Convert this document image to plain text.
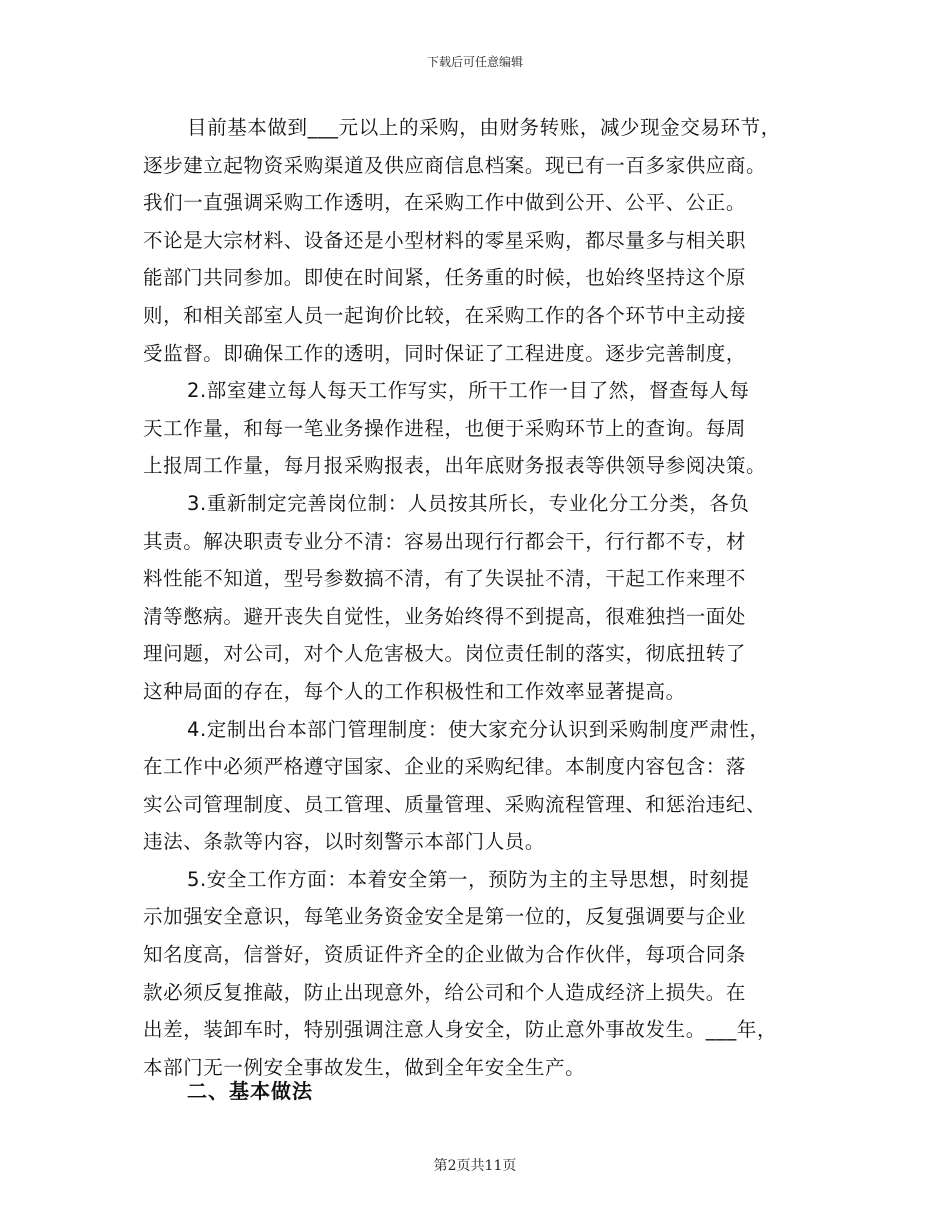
下载后可任意编辑
目前基本做到___元以上的采购，由财务转账，减少现金交易环节，
逐步建立起物资采购渠道及供应商信息档案。现已有一百多家供应商。
我们一直强调采购工作透明，在采购工作中做到公开、公平、公正。
不论是大宗材料、设备还是小型材料的零星采购，都尽量多与相关职
能部门共同参加。即使在时间紧，任务重的时候，也始终坚持这个原
则，和相关部室人员一起询价比较，在采购工作的各个环节中主动接
受监督。即确保工作的透明，同时保证了工程进度。逐步完善制度，
2.部室建立每人每天工作写实，所干工作一目了然，督查每人每
天工作量，和每一笔业务操作进程，也便于采购环节上的查询。每周
上报周工作量，每月报采购报表，出年底财务报表等供领导参阅决策。
3.重新制定完善岗位制：人员按其所长，专业化分工分类，各负
其责。解决职责专业分不清：容易出现行行都会干，行行都不专，材
料性能不知道，型号参数搞不清，有了失误扯不清，干起工作来理不
清等憋病。避开丧失自觉性，业务始终得不到提高，很难独挡一面处
理问题，对公司，对个人危害极大。岗位责任制的落实，彻底扭转了
这种局面的存在，每个人的工作积极性和工作效率显著提高。
4.定制出台本部门管理制度：使大家充分认识到采购制度严肃性，
在工作中必须严格遵守国家、企业的采购纪律。本制度内容包含：落
实公司管理制度、员工管理、质量管理、采购流程管理、和惩治违纪、
违法、条款等内容，以时刻警示本部门人员。
5.安全工作方面：本着安全第一，预防为主的主导思想，时刻提
示加强安全意识，每笔业务资金安全是第一位的，反复强调要与企业
知名度高，信誉好，资质证件齐全的企业做为合作伙伴，每项合同条
款必须反复推敲，防止出现意外，给公司和个人造成经济上损失。在
出差，装卸车时，特别强调注意人身安全，防止意外事故发生。___年，
本部门无一例安全事故发生，做到全年安全生产。
二、基本做法
第2页共11页
